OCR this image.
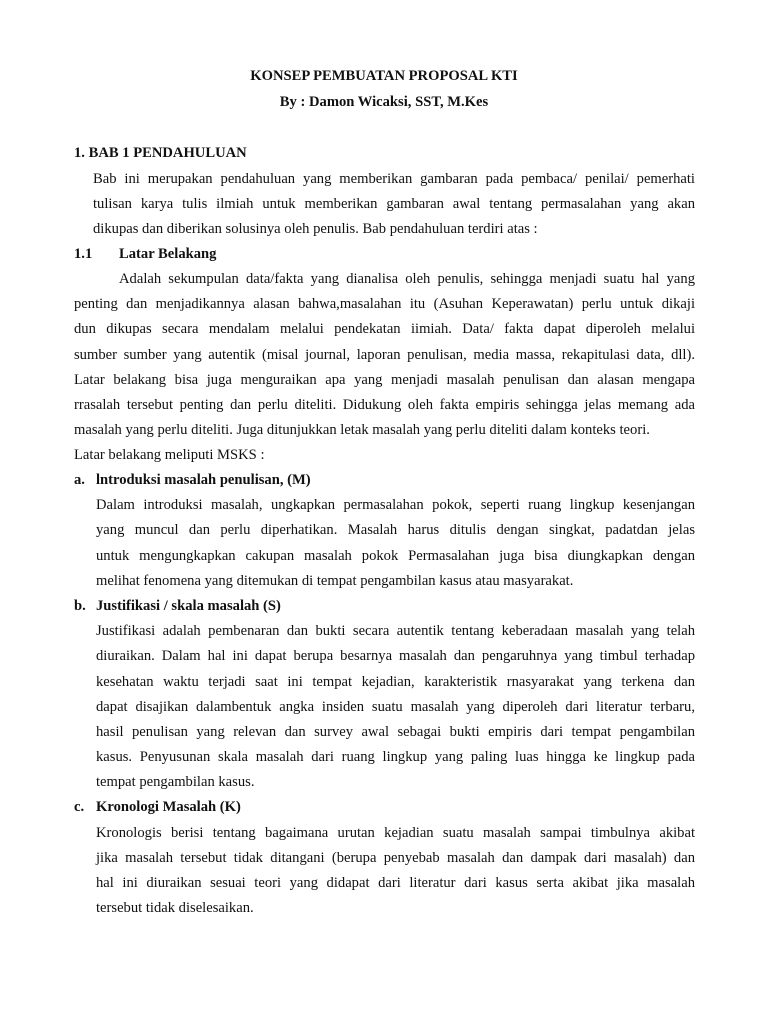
KONSEP PEMBUATAN PROPOSAL KTI
By : Damon Wicaksi, SST, M.Kes
1. BAB 1 PENDAHULUAN
Bab ini merupakan pendahuluan yang memberikan gambaran pada pembaca/ penilai/ pemerhati
tulisan karya tulis ilmiah untuk memberikan gambaran awal tentang permasalahan yang akan
dikupas dan diberikan solusinya oleh penulis. Bab pendahuluan terdiri atas :
1.1 Latar Belakang
Adalah sekumpulan data/fakta yang dianalisa oleh penulis, sehingga menjadi suatu hal yang
penting dan menjadikannya alasan bahwa,masalahan itu (Asuhan Keperawatan) perlu untuk dikaji
dun dikupas secara mendalam melalui pendekatan iimiah. Data/ fakta dapat diperoleh melalui
sumber sumber yang autentik (misal journal, laporan penulisan, media massa, rekapitulasi data, dll).
Latar belakang bisa juga menguraikan apa yang menjadi masalah penulisan dan alasan mengapa
rrasalah tersebut penting dan perlu diteliti. Didukung oleh fakta empiris sehingga jelas memang ada
masalah yang perlu diteliti. Juga ditunjukkan letak masalah yang perlu diteliti dalam konteks teori.
Latar belakang meliputi MSKS :
a. lntroduksi masalah penulisan, (M)
Dalam introduksi masalah, ungkapkan permasalahan pokok, seperti ruang lingkup kesenjangan
yang muncul dan perlu diperhatikan. Masalah harus ditulis dengan singkat, padatdan jelas
untuk mengungkapkan cakupan masalah pokok Permasalahan juga bisa diungkapkan dengan
melihat fenomena yang ditemukan di tempat pengambilan kasus atau masyarakat.
b. Justifikasi / skala masalah (S)
Justifikasi adalah pembenaran dan bukti secara autentik tentang keberadaan masalah yang telah
diuraikan. Dalam hal ini dapat berupa besarnya masalah dan pengaruhnya yang timbul terhadap
kesehatan waktu terjadi saat ini tempat kejadian, karakteristik rnasyarakat yang terkena dan
dapat disajikan dalambentuk angka insiden suatu masalah yang diperoleh dari literatur terbaru,
hasil penulisan yang relevan dan survey awal sebagai bukti empiris dari tempat pengambilan
kasus. Penyusunan skala masalah dari ruang lingkup yang paling luas hingga ke lingkup pada
tempat pengambilan kasus.
c. Kronologi Masalah (K)
Kronologis berisi tentang bagaimana urutan kejadian suatu masalah sampai timbulnya akibat
jika masalah tersebut tidak ditangani (berupa penyebab masalah dan dampak dari masalah) dan
hal ini diuraikan sesuai teori yang didapat dari literatur dari kasus serta akibat jika masalah
tersebut tidak diselesaikan.
